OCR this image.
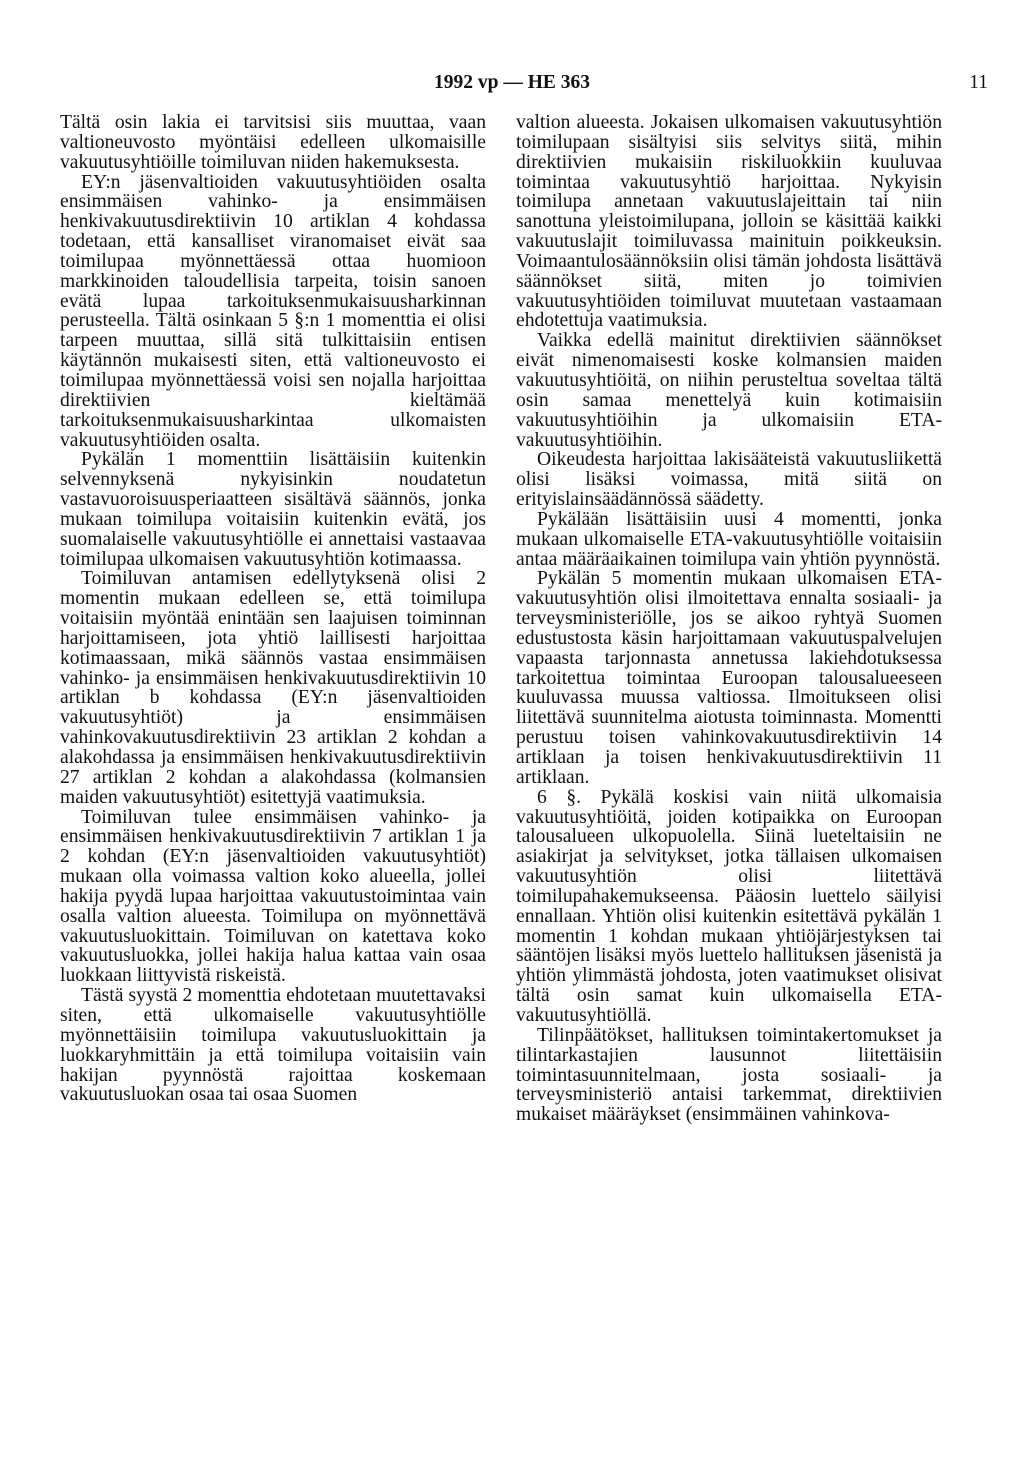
1992 vp — HE 363	11

Tältä osin lakia ei tarvitsisi siis muuttaa, vaan valtioneuvosto myöntäisi edelleen ulkomaisille vakuutusyhtiöille toimiluvan niiden hakemuksesta.

EY:n jäsenvaltioiden vakuutusyhtiöiden osalta ensimmäisen vahinko- ja ensimmäisen henkivakuutusdirektiivin 10 artiklan 4 kohdassa todetaan, että kansalliset viranomaiset eivät saa toimilupaa myönnettäessä ottaa huomioon markkinoiden taloudellisia tarpeita, toisin sanoen evätä lupaa tarkoituksenmukaisuusharkinnan perusteella. Tältä osinkaan 5 §:n 1 momenttia ei olisi tarpeen muuttaa, sillä sitä tulkittaisiin entisen käytännön mukaisesti siten, että valtioneuvosto ei toimilupaa myönnettäessä voisi sen nojalla harjoittaa direktiivien kieltämää tarkoituksenmukaisuusharkintaa ulkomaisten vakuutusyhtiöiden osalta.

Pykälän 1 momenttiin lisättäisiin kuitenkin selvennyksenä nykyisinkin noudatetun vastavuoroisuusperiaatteen sisältävä säännös, jonka mukaan toimilupa voitaisiin kuitenkin evätä, jos suomalaiselle vakuutusyhtiölle ei annettaisi vastaavaa toimilupaa ulkomaisen vakuutusyhtiön kotimaassa.

Toimiluvan antamisen edellytyksenä olisi 2 momentin mukaan edelleen se, että toimilupa voitaisiin myöntää enintään sen laajuisen toiminnan harjoittamiseen, jota yhtiö laillisesti harjoittaa kotimaassaan, mikä säännös vastaa ensimmäisen vahinko- ja ensimmäisen henkivakuutusdirektiivin 10 artiklan b kohdassa (EY:n jäsenvaltioiden vakuutusyhtiöt) ja ensimmäisen vahinkovakuutusdirektiivin 23 artiklan 2 kohdan a alakohdassa ja ensimmäisen henkivakuutusdirektiivin 27 artiklan 2 kohdan a alakohdassa (kolmansien maiden vakuutusyhtiöt) esitettyjä vaatimuksia.

Toimiluvan tulee ensimmäisen vahinko- ja ensimmäisen henkivakuutusdirektiivin 7 artiklan 1 ja 2 kohdan (EY:n jäsenvaltioiden vakuutusyhtiöt) mukaan olla voimassa valtion koko alueella, jollei hakija pyydä lupaa harjoittaa vakuutustoimintaa vain osalla valtion alueesta. Toimilupa on myönnettävä vakuutusluokittain. Toimiluvan on katettava koko vakuutusluokka, jollei hakija halua kattaa vain osaa luokkaan liittyvistä riskeistä.

Tästä syystä 2 momenttia ehdotetaan muutettavaksi siten, että ulkomaiselle vakuutusyhtiölle myönnettäisiin toimilupa vakuutusluokittain ja luokkaryhmittäin ja että toimilupa voitaisiin vain hakijan pyynnöstä rajoittaa koskemaan vakuutusluokan osaa tai osaa Suomen

valtion alueesta. Jokaisen ulkomaisen vakuutusyhtiön toimilupaan sisältyisi siis selvitys siitä, mihin direktiivien mukaisiin riskiluokkiin kuuluvaa toimintaa vakuutusyhtiö harjoittaa. Nykyisin toimilupa annetaan vakuutuslajeittain tai niin sanottuna yleistoimilupana, jolloin se käsittää kaikki vakuutuslajit toimiluvassa mainituin poikkeuksin. Voimaantulosäännöksiin olisi tämän johdosta lisättävä säännökset siitä, miten jo toimivien vakuutusyhtiöiden toimiluvat muutetaan vastaamaan ehdotettuja vaatimuksia.

Vaikka edellä mainitut direktiivien säännökset eivät nimenomaisesti koske kolmansien maiden vakuutusyhtiöitä, on niihin perusteltua soveltaa tältä osin samaa menettelyä kuin kotimaisiin vakuutusyhtiöihin ja ulkomaisiin ETA-vakuutusyhtiöihin.

Oikeudesta harjoittaa lakisääteistä vakuutusliikettä olisi lisäksi voimassa, mitä siitä on erityislainsäädännössä säädetty.

Pykälään lisättäisiin uusi 4 momentti, jonka mukaan ulkomaiselle ETA-vakuutusyhtiölle voitaisiin antaa määräaikainen toimilupa vain yhtiön pyynnöstä.

Pykälän 5 momentin mukaan ulkomaisen ETA-vakuutusyhtiön olisi ilmoitettava ennalta sosiaali- ja terveysministeriölle, jos se aikoo ryhtyä Suomen edustustosta käsin harjoittamaan vakuutuspalvelujen vapaasta tarjonnasta annetussa lakiehdotuksessa tarkoitettua toimintaa Euroopan talousalueeseen kuuluvassa muussa valtiossa. Ilmoitukseen olisi liitettävä suunnitelma aiotusta toiminnasta. Momentti perustuu toisen vahinkovakuutusdirektiivin 14 artiklaan ja toisen henkivakuutusdirektiivin 11 artiklaan.

6 §. Pykälä koskisi vain niitä ulkomaisia vakuutusyhtiöitä, joiden kotipaikka on Euroopan talousalueen ulkopuolella. Siinä lueteltaisiin ne asiakirjat ja selvitykset, jotka tällaisen ulkomaisen vakuutusyhtiön olisi liitettävä toimilupahakemukseensa. Pääosin luettelo säilyisi ennallaan. Yhtiön olisi kuitenkin esitettävä pykälän 1 momentin 1 kohdan mukaan yhtiöjärjestyksen tai sääntöjen lisäksi myös luettelo hallituksen jäsenistä ja yhtiön ylimmästä johdosta, joten vaatimukset olisivat tältä osin samat kuin ulkomaisella ETA-vakuutusyhtiöllä.

Tilinpäätökset, hallituksen toimintakertomukset ja tilintarkastajien lausunnot liitettäisiin toimintasuunnitelmaan, josta sosiaali- ja terveysministeriö antaisi tarkemmat, direktiivien mukaiset määräykset (ensimmäinen vahinkova-
